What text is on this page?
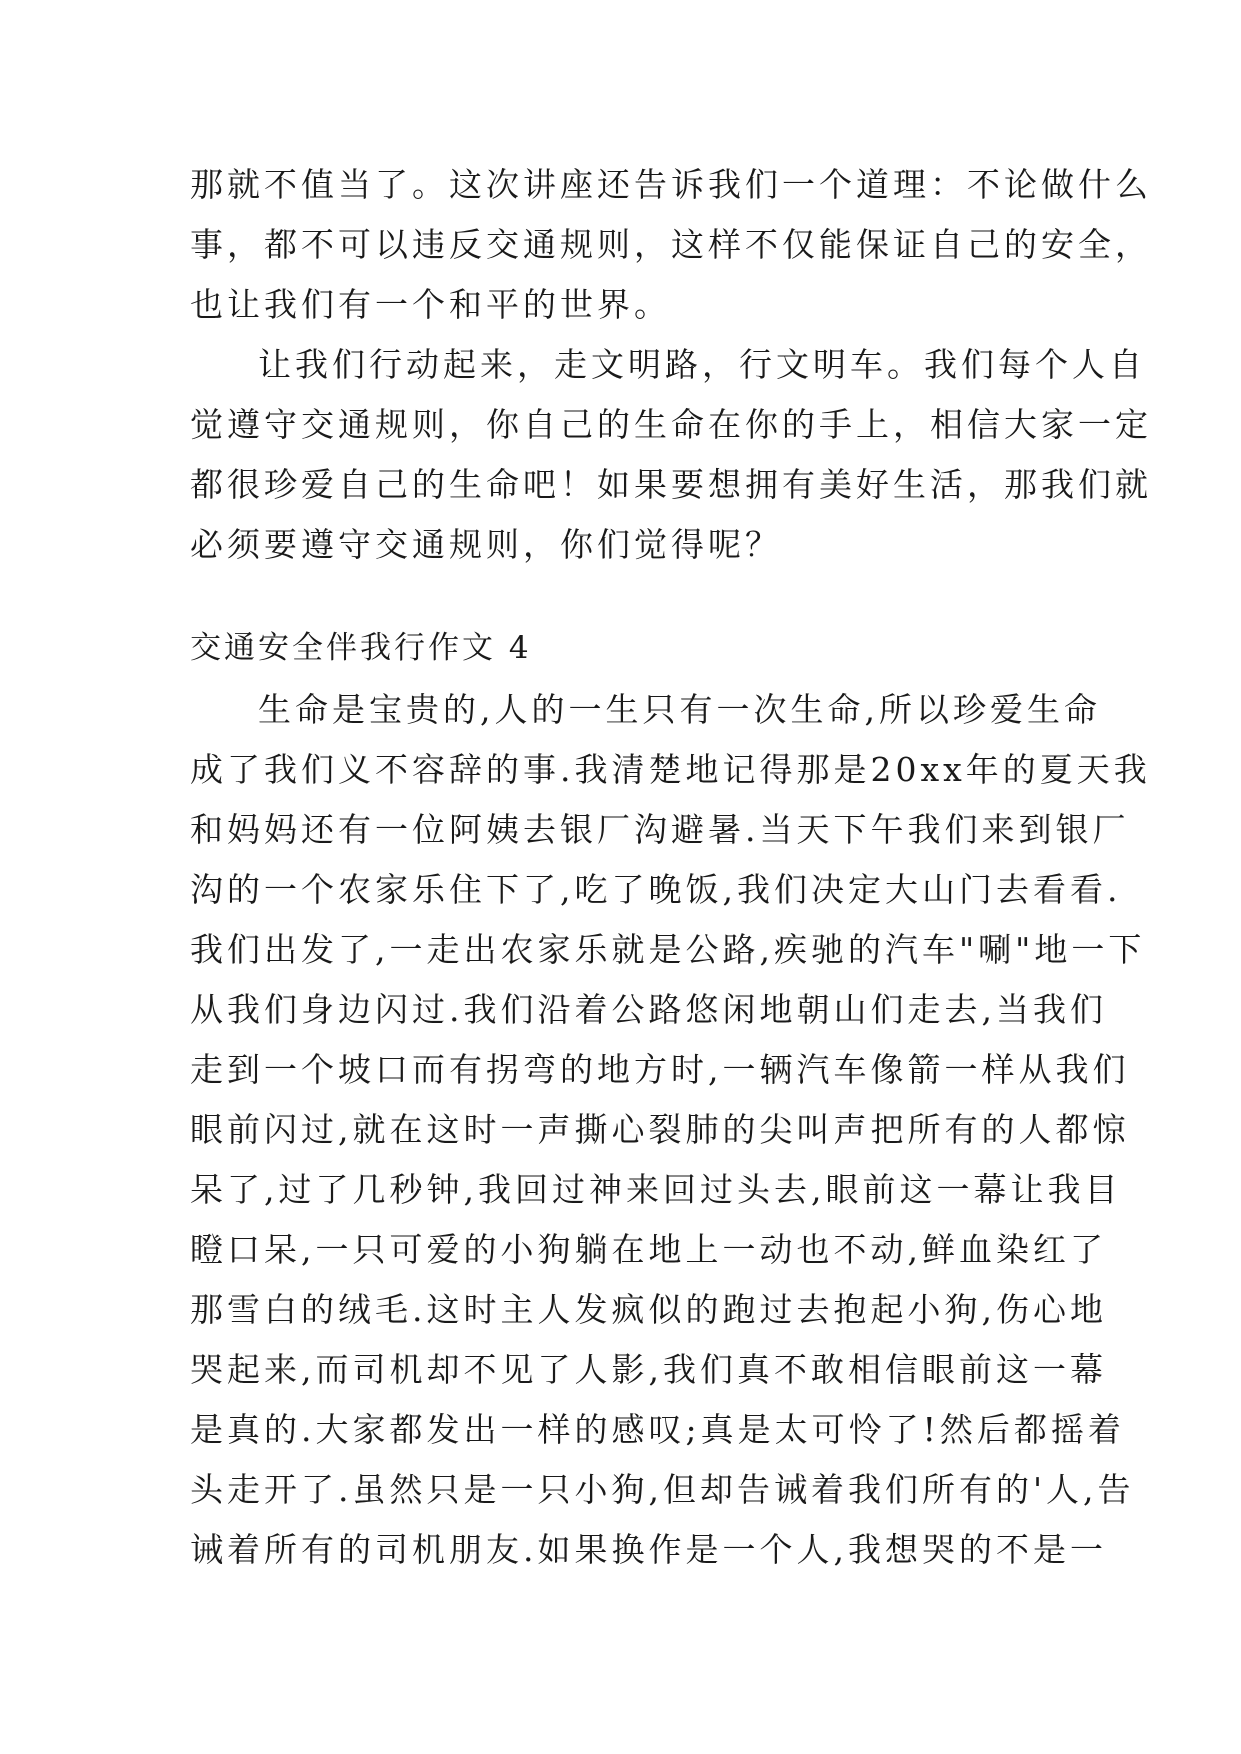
那就不值当了。这次讲座还告诉我们一个道理：不论做什么
事，都不可以违反交通规则，这样不仅能保证自己的安全，
也让我们有一个和平的世界。
让我们行动起来，走文明路，行文明车。我们每个人自
觉遵守交通规则，你自己的生命在你的手上，相信大家一定
都很珍爱自己的生命吧！如果要想拥有美好生活，那我们就
必须要遵守交通规则，你们觉得呢？
交通安全伴我行作文 4
生命是宝贵的,人的一生只有一次生命,所以珍爱生命
成了我们义不容辞的事.我清楚地记得那是20xx年的夏天我
和妈妈还有一位阿姨去银厂沟避暑.当天下午我们来到银厂
沟的一个农家乐住下了,吃了晚饭,我们决定大山门去看看.
我们出发了,一走出农家乐就是公路,疾驰的汽车"唰"地一下
从我们身边闪过.我们沿着公路悠闲地朝山们走去,当我们
走到一个坡口而有拐弯的地方时,一辆汽车像箭一样从我们
眼前闪过,就在这时一声撕心裂肺的尖叫声把所有的人都惊
呆了,过了几秒钟,我回过神来回过头去,眼前这一幕让我目
瞪口呆,一只可爱的小狗躺在地上一动也不动,鲜血染红了
那雪白的绒毛.这时主人发疯似的跑过去抱起小狗,伤心地
哭起来,而司机却不见了人影,我们真不敢相信眼前这一幕
是真的.大家都发出一样的感叹;真是太可怜了!然后都摇着
头走开了.虽然只是一只小狗,但却告诫着我们所有的'人,告
诫着所有的司机朋友.如果换作是一个人,我想哭的不是一
